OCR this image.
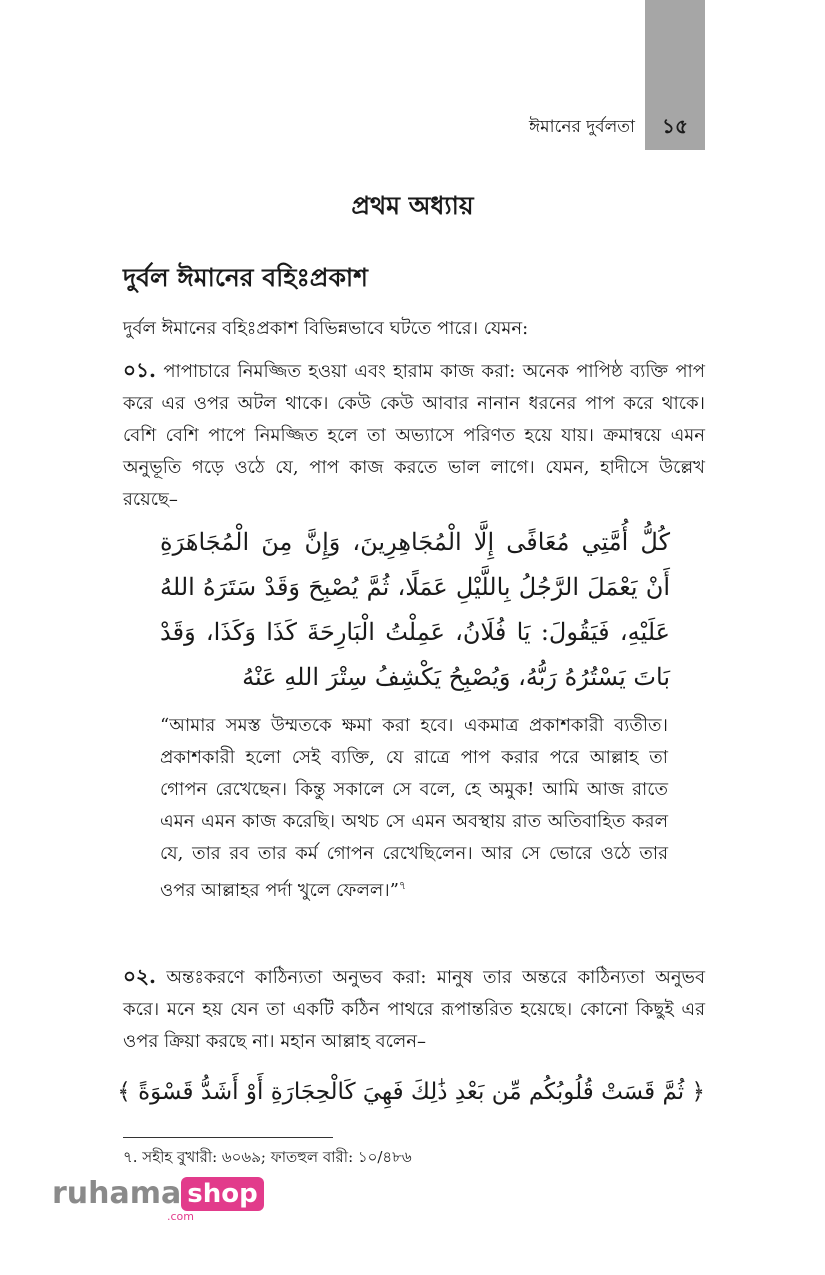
১৫
ঈমানের দুর্বলতা
প্রথম অধ্যায়
দুর্বল ঈমানের বহিঃপ্রকাশ
দুর্বল ঈমানের বহিঃপ্রকাশ বিভিন্নভাবে ঘটতে পারে। যেমন:
০১. পাপাচারে নিমজ্জিত হওয়া এবং হারাম কাজ করা: অনেক পাপিষ্ঠ ব্যক্তি পাপ করে এর ওপর অটল থাকে। কেউ কেউ আবার নানান ধরনের পাপ করে থাকে। বেশি বেশি পাপে নিমজ্জিত হলে তা অভ্যাসে পরিণত হয়ে যায়। ক্রমান্বয়ে এমন অনুভূতি গড়ে ওঠে যে, পাপ কাজ করতে ভাল লাগে। যেমন, হাদীসে উল্লেখ রয়েছে–
كُلُّ أُمَّتِي مُعَافًى إِلَّا الْمُجَاهِرِينَ، وَإِنَّ مِنَ الْمُجَاهَرَةِ أَنْ يَعْمَلَ الرَّجُلُ بِاللَّيْلِ عَمَلًا، ثُمَّ يُصْبِحَ وَقَدْ سَتَرَهُ اللهُ عَلَيْهِ، فَيَقُولَ: يَا فُلَانُ، عَمِلْتُ الْبَارِحَةَ كَذَا وَكَذَا، وَقَدْ بَاتَ يَسْتُرُهُ رَبُّهُ، وَيُصْبِحُ يَكْشِفُ سِتْرَ اللهِ عَنْهُ
“আমার সমস্ত উম্মতকে ক্ষমা করা হবে। একমাত্র প্রকাশকারী ব্যতীত। প্রকাশকারী হলো সেই ব্যক্তি, যে রাত্রে পাপ করার পরে আল্লাহ তা গোপন রেখেছেন। কিন্তু সকালে সে বলে, হে অমুক! আমি আজ রাতে এমন এমন কাজ করেছি। অথচ সে এমন অবস্থায় রাত অতিবাহিত করল যে, তার রব তার কর্ম গোপন রেখেছিলেন। আর সে ভোরে ওঠে তার ওপর আল্লাহর পর্দা খুলে ফেলল।”$^৭$
০২. অন্তঃকরণে কাঠিন্যতা অনুভব করা: মানুষ তার অন্তরে কাঠিন্যতা অনুভব করে। মনে হয় যেন তা একটি কঠিন পাথরে রূপান্তরিত হয়েছে। কোনো কিছুই এর ওপর ক্রিয়া করছে না। মহান আল্লাহ বলেন–
﴿ ثُمَّ قَسَتْ قُلُوبُكُم مِّن بَعْدِ ذَٰلِكَ فَهِيَ كَالْحِجَارَةِ أَوْ أَشَدُّ قَسْوَةً ﴾
৭. সহীহ বুখারী: ৬০৬৯; ফাতহুল বারী: ১০/৪৮৬
ruhama shop
.com
